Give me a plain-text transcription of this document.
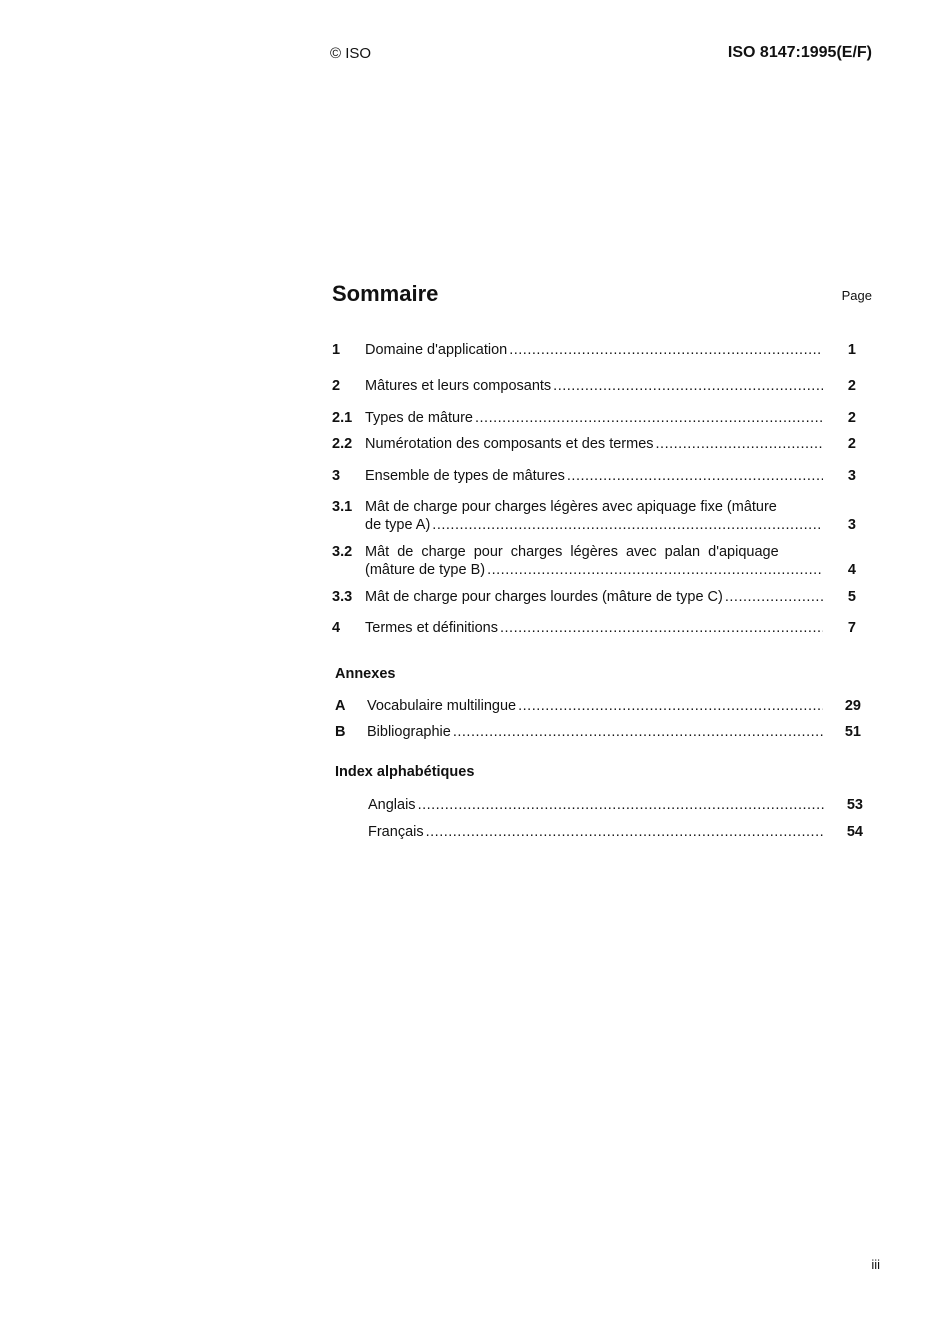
© ISO	ISO 8147:1995(E/F)
Sommaire	Page
1 Domaine d'application .....	1
2 Mâtures et leurs composants .....	2
2.1 Types de mâture .....	2
2.2 Numérotation des composants et des termes .....	2
3 Ensemble de types de mâtures .....	3
3.1 Mât de charge pour charges légères avec apiquage fixe (mâture
de type A) .....	3
3.2 Mât de charge pour charges légères avec palan d'apiquage
(mâture de type B) .....	4
3.3 Mât de charge pour charges lourdes (mâture de type C) .....	5
4 Termes et définitions .....	7
Annexes
A Vocabulaire multilingue .....	29
B Bibliographie .....	51
Index alphabétiques
Anglais .....	53
Français .....	54
iii
